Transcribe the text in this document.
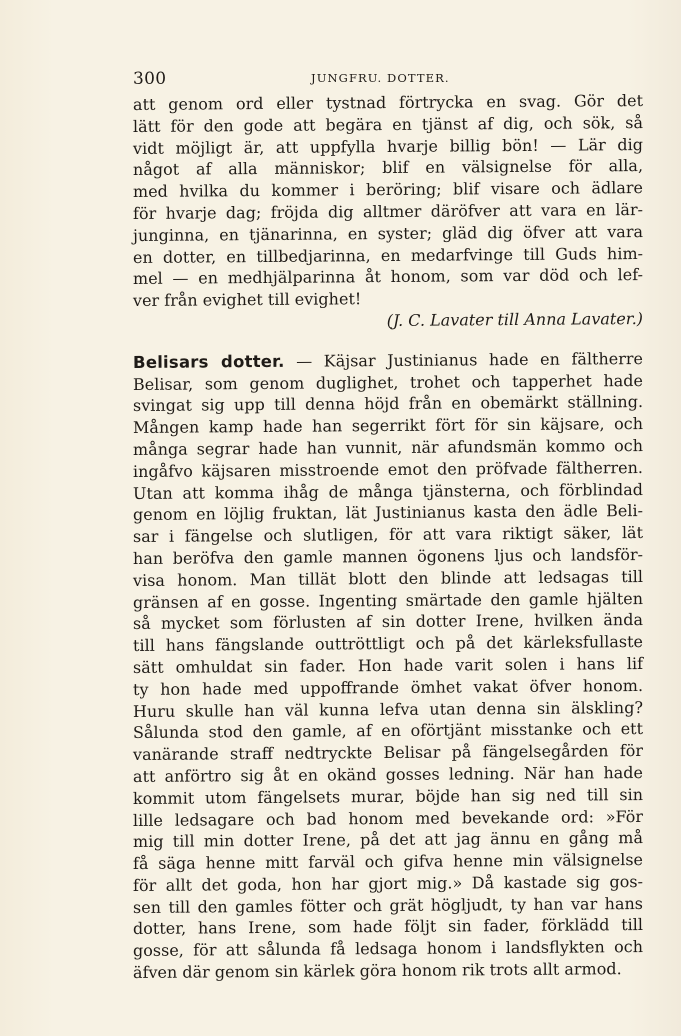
300	JUNGFRU. DOTTER.
att genom ord eller tystnad förtrycka en svag. Gör det
lätt för den gode att begära en tjänst af dig, och sök, så
vidt möjligt är, att uppfylla hvarje billig bön! — Lär dig
något af alla människor; blif en välsignelse för alla,
med hvilka du kommer i beröring; blif visare och ädlare
för hvarje dag; fröjda dig alltmer däröfver att vara en lär-
junginna, en tjänarinna, en syster; gläd dig öfver att vara
en dotter, en tillbedjarinna, en medarfvinge till Guds him-
mel — en medhjälparinna åt honom, som var död och lef-
ver från evighet till evighet!
(J. C. Lavater till Anna Lavater.)
Belisars dotter. — Käjsar Justinianus hade en fältherre
Belisar, som genom duglighet, trohet och tapperhet hade
svingat sig upp till denna höjd från en obemärkt ställning.
Mången kamp hade han segerrikt fört för sin käjsare, och
många segrar hade han vunnit, när afundsmän kommo och
ingåfvo käjsaren misstroende emot den pröfvade fältherren.
Utan att komma ihåg de många tjänsterna, och förblindad
genom en löjlig fruktan, lät Justinianus kasta den ädle Beli-
sar i fängelse och slutligen, för att vara riktigt säker, lät
han beröfva den gamle mannen ögonens ljus och landsför-
visa honom. Man tillät blott den blinde att ledsagas till
gränsen af en gosse. Ingenting smärtade den gamle hjälten
så mycket som förlusten af sin dotter Irene, hvilken ända
till hans fängslande outtröttligt och på det kärleksfullaste
sätt omhuldat sin fader. Hon hade varit solen i hans lif
ty hon hade med uppoffrande ömhet vakat öfver honom.
Huru skulle han väl kunna lefva utan denna sin älskling?
Sålunda stod den gamle, af en oförtjänt misstanke och ett
vanärande straff nedtryckte Belisar på fängelsegården för
att anförtro sig åt en okänd gosses ledning. När han hade
kommit utom fängelsets murar, böjde han sig ned till sin
lille ledsagare och bad honom med bevekande ord: »För
mig till min dotter Irene, på det att jag ännu en gång må
få säga henne mitt farväl och gifva henne min välsignelse
för allt det goda, hon har gjort mig.» Då kastade sig gos-
sen till den gamles fötter och grät högljudt, ty han var hans
dotter, hans Irene, som hade följt sin fader, förklädd till
gosse, för att sålunda få ledsaga honom i landsflykten och
äfven där genom sin kärlek göra honom rik trots allt armod.
